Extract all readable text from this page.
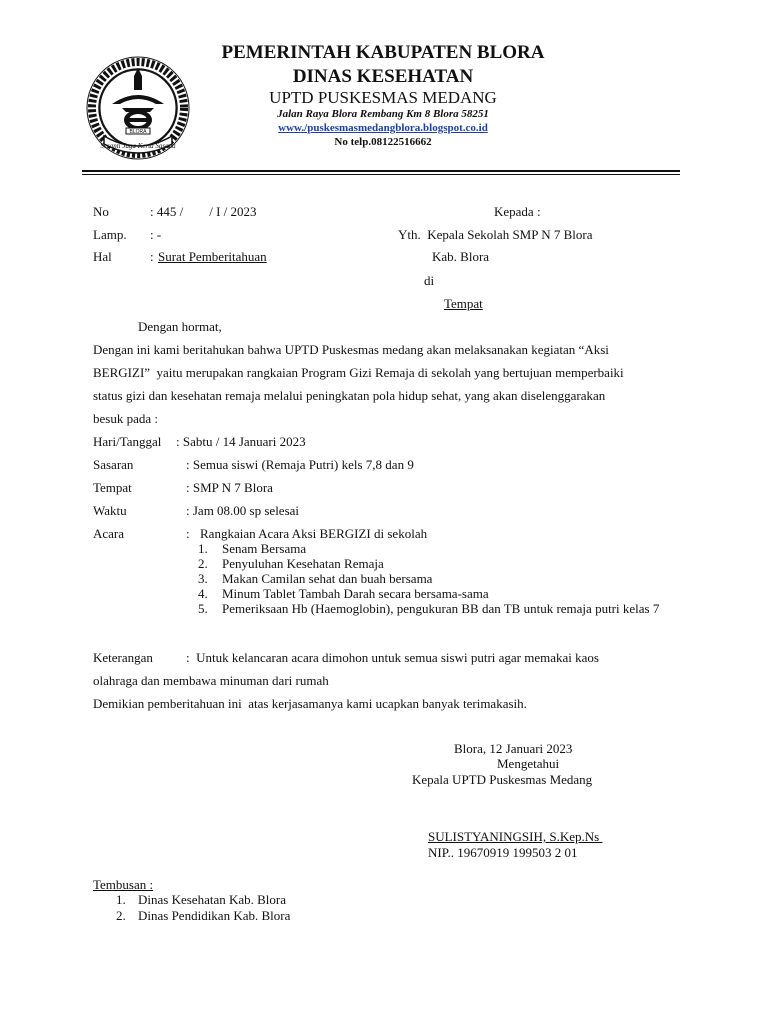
Sesanti Jaga Kerta Sasana
BLORA
PEMERINTAH KABUPATEN BLORA
DINAS KESEHATAN
UPTD PUSKESMAS MEDANG
Jalan Raya Blora Rembang Km 8 Blora 58251
www./puskesmasmedangblora.blogspot.co.id
No telp.08122516662
No	: 445 /        / I / 2023
Lamp. : -
Hal	: Surat Pemberitahuan
Kepada :
Yth.  Kepala Sekolah SMP N 7 Blora
Kab. Blora
di
Tempat
Dengan hormat,
Dengan ini kami beritahukan bahwa UPTD Puskesmas medang akan melaksanakan kegiatan “Aksi
BERGIZI”  yaitu merupakan rangkaian Program Gizi Remaja di sekolah yang bertujuan memperbaiki
status gizi dan kesehatan remaja melalui peningkatan pola hidup sehat, yang akan diselenggarakan
besuk pada :
Hari/Tanggal : Sabtu / 14 Januari 2023
Sasaran	: Semua siswi (Remaja Putri) kels 7,8 dan 9
Tempat	: SMP N 7 Blora
Waktu	: Jam 08.00 sp selesai
Acara	: Rangkaian Acara Aksi BERGIZI di sekolah
1. Senam Bersama
2. Penyuluhan Kesehatan Remaja
3. Makan Camilan sehat dan buah bersama
4. Minum Tablet Tambah Darah secara bersama-sama
5. Pemeriksaan Hb (Haemoglobin), pengukuran BB dan TB untuk remaja putri kelas 7
Keterangan	:  Untuk kelancaran acara dimohon untuk semua siswi putri agar memakai kaos
olahraga dan membawa minuman dari rumah
Demikian pemberitahuan ini  atas kerjasamanya kami ucapkan banyak terimakasih.
Blora, 12 Januari 2023
Mengetahui
Kepala UPTD Puskesmas Medang
SULISTYANINGSIH, S.Kep.Ns
NIP.. 19670919 199503 2 01
Tembusan :
1. Dinas Kesehatan Kab. Blora
2. Dinas Pendidikan Kab. Blora
